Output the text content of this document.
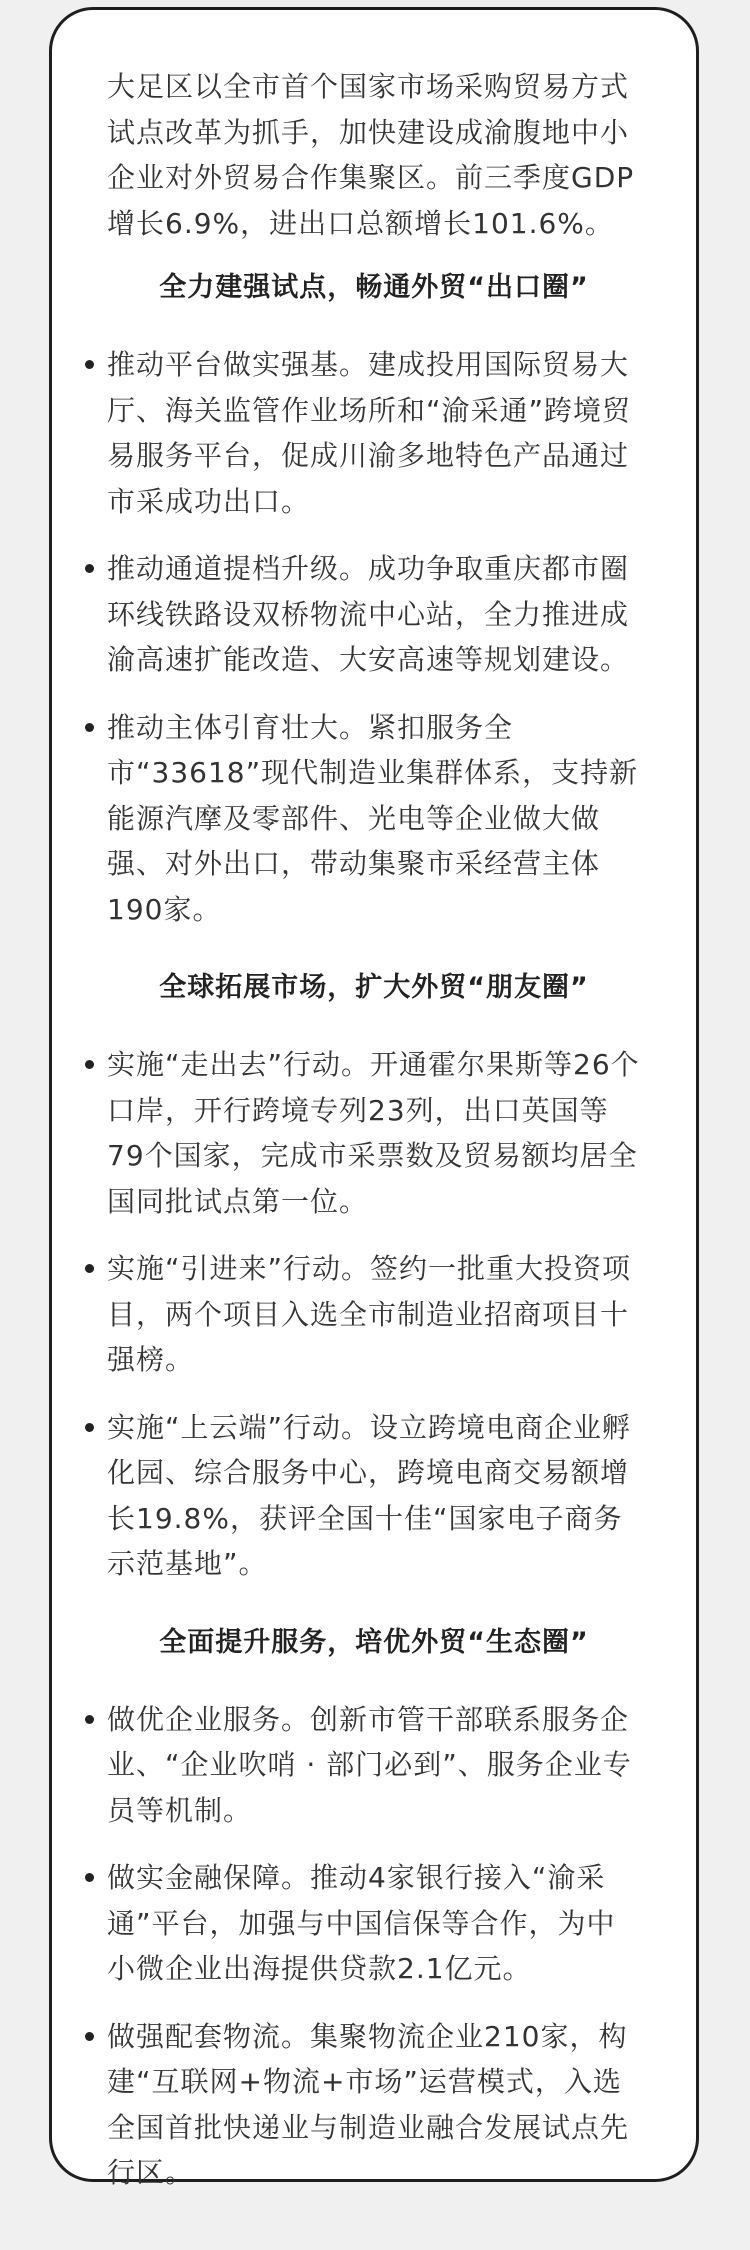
大足区以全市首个国家市场采购贸易方式试点改革为抓手，加快建设成渝腹地中小企业对外贸易合作集聚区。前三季度GDP增长6.9%，进出口总额增长101.6%。

全力建强试点，畅通外贸“出口圈”
推动平台做实强基。建成投用国际贸易大厅、海关监管作业场所和“渝采通”跨境贸易服务平台，促成川渝多地特色产品通过市采成功出口。
推动通道提档升级。成功争取重庆都市圈环线铁路设双桥物流中心站，全力推进成渝高速扩能改造、大安高速等规划建设。
推动主体引育壮大。紧扣服务全市“33618”现代制造业集群体系，支持新能源汽摩及零部件、光电等企业做大做强、对外出口，带动集聚市采经营主体190家。
全球拓展市场，扩大外贸“朋友圈”
实施“走出去”行动。开通霍尔果斯等26个口岸，开行跨境专列23列，出口英国等79个国家，完成市采票数及贸易额均居全国同批试点第一位。
实施“引进来”行动。签约一批重大投资项目，两个项目入选全市制造业招商项目十强榜。
实施“上云端”行动。设立跨境电商企业孵化园、综合服务中心，跨境电商交易额增长19.8%，获评全国十佳“国家电子商务示范基地”。
全面提升服务，培优外贸“生态圈”
做优企业服务。创新市管干部联系服务企业、“企业吹哨 · 部门必到”、服务企业专员等机制。
做实金融保障。推动4家银行接入“渝采通”平台，加强与中国信保等合作，为中小微企业出海提供贷款2.1亿元。
做强配套物流。集聚物流企业210家，构建“互联网+物流+市场”运营模式，入选全国首批快递业与制造业融合发展试点先行区。
